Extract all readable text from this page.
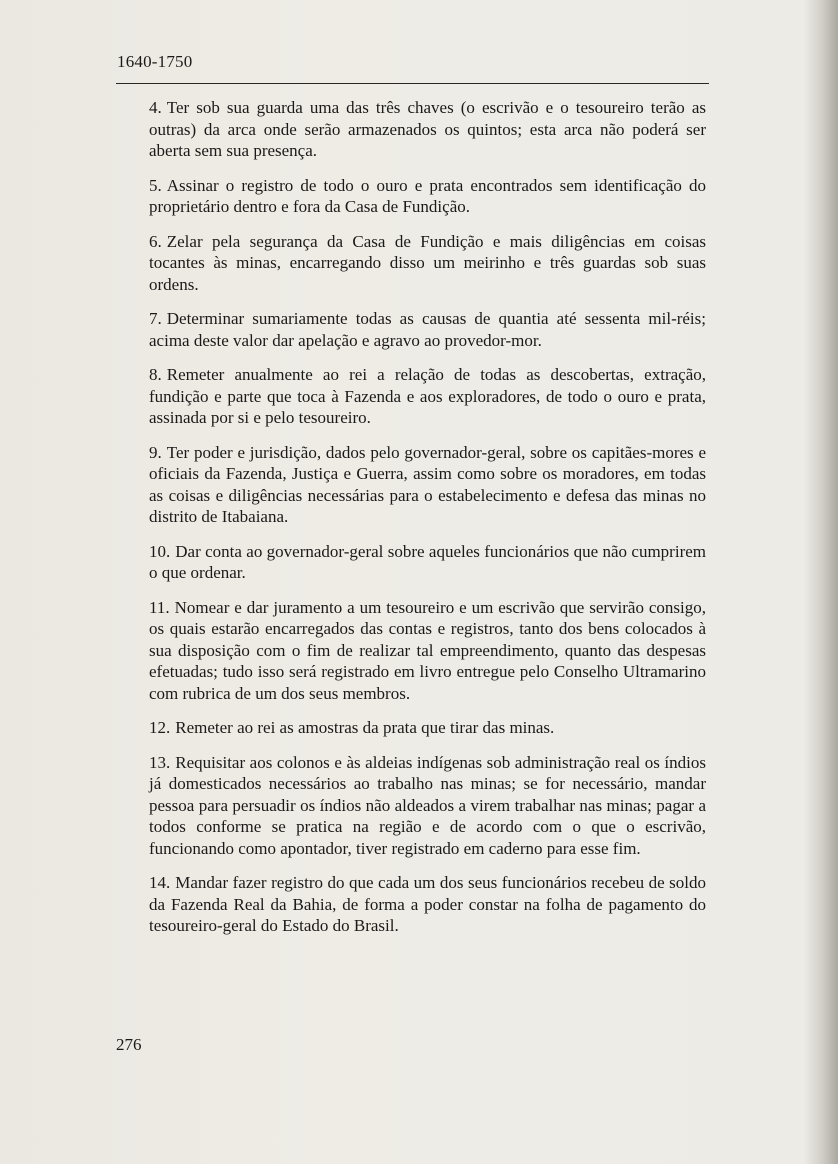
1640-1750

4. Ter sob sua guarda uma das três chaves (o escrivão e o tesoureiro terão as outras) da arca onde serão armazenados os quintos; esta arca não poderá ser aberta sem sua presença.

5. Assinar o registro de todo o ouro e prata encontrados sem identificação do proprietário dentro e fora da Casa de Fundição.

6. Zelar pela segurança da Casa de Fundição e mais diligências em coisas tocantes às minas, encarregando disso um meirinho e três guardas sob suas ordens.

7. Determinar sumariamente todas as causas de quantia até sessenta mil-réis; acima deste valor dar apelação e agravo ao provedor-mor.

8. Remeter anualmente ao rei a relação de todas as descobertas, extração, fundição e parte que toca à Fazenda e aos exploradores, de todo o ouro e prata, assinada por si e pelo tesoureiro.

9. Ter poder e jurisdição, dados pelo governador-geral, sobre os capitães-mores e oficiais da Fazenda, Justiça e Guerra, assim como sobre os moradores, em todas as coisas e diligências necessárias para o estabelecimento e defesa das minas no distrito de Itabaiana.

10. Dar conta ao governador-geral sobre aqueles funcionários que não cumprirem o que ordenar.

11. Nomear e dar juramento a um tesoureiro e um escrivão que servirão consigo, os quais estarão encarregados das contas e registros, tanto dos bens colocados à sua disposição com o fim de realizar tal empreendimento, quanto das despesas efetuadas; tudo isso será registrado em livro entregue pelo Conselho Ultramarino com rubrica de um dos seus membros.

12. Remeter ao rei as amostras da prata que tirar das minas.

13. Requisitar aos colonos e às aldeias indígenas sob administração real os índios já domesticados necessários ao trabalho nas minas; se for necessário, mandar pessoa para persuadir os índios não aldeados a virem trabalhar nas minas; pagar a todos conforme se pratica na região e de acordo com o que o escrivão, funcionando como apontador, tiver registrado em caderno para esse fim.

14. Mandar fazer registro do que cada um dos seus funcionários recebeu de soldo da Fazenda Real da Bahia, de forma a poder constar na folha de pagamento do tesoureiro-geral do Estado do Brasil.

276
